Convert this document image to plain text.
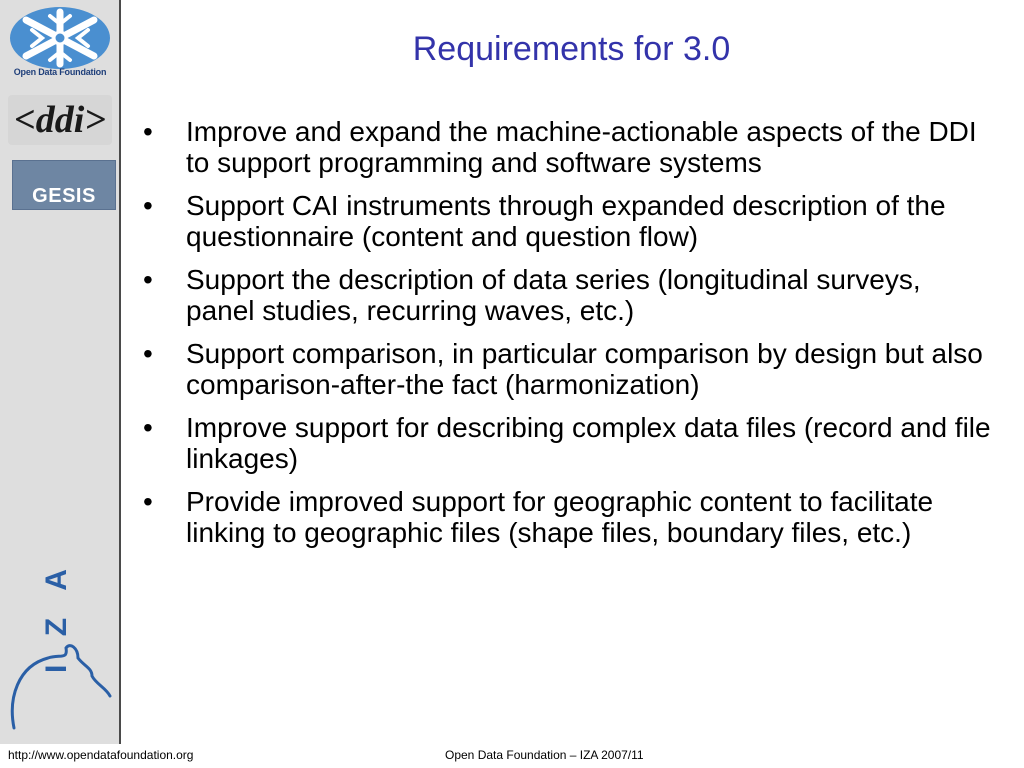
Open Data Foundation
<ddi>
GESIS
I Z A
Requirements for 3.0
•	Improve and expand the machine-actionable aspects of the DDI to support programming and software systems
•	Support CAI instruments through expanded description of the questionnaire (content and question flow)
•	Support the description of data series (longitudinal surveys, panel studies, recurring waves, etc.)
•	Support comparison, in particular comparison by design but also comparison-after-the fact (harmonization)
•	Improve support for describing complex data files (record and file linkages)
•	Provide improved support for geographic content to facilitate linking to geographic files (shape files, boundary files, etc.)
http://www.opendatafoundation.org	Open Data Foundation – IZA 2007/11
